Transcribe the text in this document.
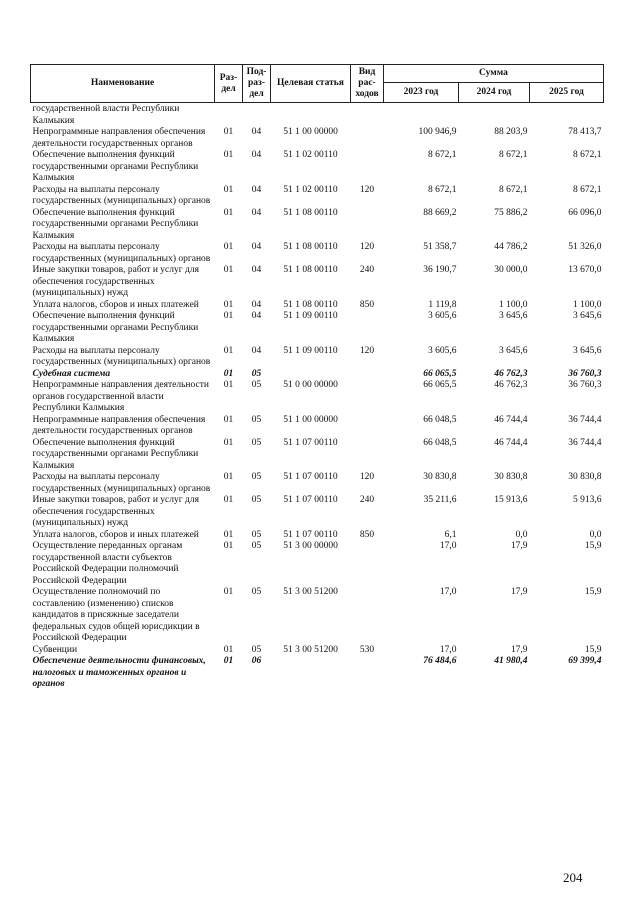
Наименование	Раз-дел	Под-раз-дел	Целевая статья	Вид рас-ходов	Сумма		
					2023 год	2024 год	2025 год
государственной власти Республики Калмыкия							
Непрограммные направления обеспечения деятельности государственных органов	01	04	51 1 00 00000		100 946,9	88 203,9	78 413,7
Обеспечение выполнения функций государственными органами Республики Калмыкия	01	04	51 1 02 00110		8 672,1	8 672,1	8 672,1
Расходы на выплаты персоналу государственных (муниципальных) органов	01	04	51 1 02 00110	120	8 672,1	8 672,1	8 672,1
Обеспечение выполнения функций государственными органами Республики Калмыкия	01	04	51 1 08 00110		88 669,2	75 886,2	66 096,0
Расходы на выплаты персоналу государственных (муниципальных) органов	01	04	51 1 08 00110	120	51 358,7	44 786,2	51 326,0
Иные закупки товаров, работ и услуг для обеспечения государственных (муниципальных) нужд	01	04	51 1 08 00110	240	36 190,7	30 000,0	13 670,0
Уплата налогов, сборов и иных платежей	01	04	51 1 08 00110	850	1 119,8	1 100,0	1 100,0
Обеспечение выполнения функций государственными органами Республики Калмыкия	01	04	51 1 09 00110		3 605,6	3 645,6	3 645,6
Расходы на выплаты персоналу государственных (муниципальных) органов	01	04	51 1 09 00110	120	3 605,6	3 645,6	3 645,6
Судебная система	01	05			66 065,5	46 762,3	36 760,3
Непрограммные направления деятельности органов государственной власти Республики Калмыкия	01	05	51 0 00 00000		66 065,5	46 762,3	36 760,3
Непрограммные направления обеспечения деятельности государственных органов	01	05	51 1 00 00000		66 048,5	46 744,4	36 744,4
Обеспечение выполнения функций государственными органами Республики Калмыкия	01	05	51 1 07 00110		66 048,5	46 744,4	36 744,4
Расходы на выплаты персоналу государственных (муниципальных) органов	01	05	51 1 07 00110	120	30 830,8	30 830,8	30 830,8
Иные закупки товаров, работ и услуг для обеспечения государственных (муниципальных) нужд	01	05	51 1 07 00110	240	35 211,6	15 913,6	5 913,6
Уплата налогов, сборов и иных платежей	01	05	51 1 07 00110	850	6,1	0,0	0,0
Осуществление переданных органам государственной власти субъектов Российской Федерации полномочий Российской Федерации	01	05	51 3 00 00000		17,0	17,9	15,9
Осуществление полномочий по составлению (изменению) списков кандидатов в присяжные заседатели федеральных судов общей юрисдикции в Российской Федерации	01	05	51 3 00 51200		17,0	17,9	15,9
Субвенции	01	05	51 3 00 51200	530	17,0	17,9	15,9
Обеспечение деятельности финансовых, налоговых и таможенных органов и органов	01	06			76 484,6	41 980,4	69 399,4
204
